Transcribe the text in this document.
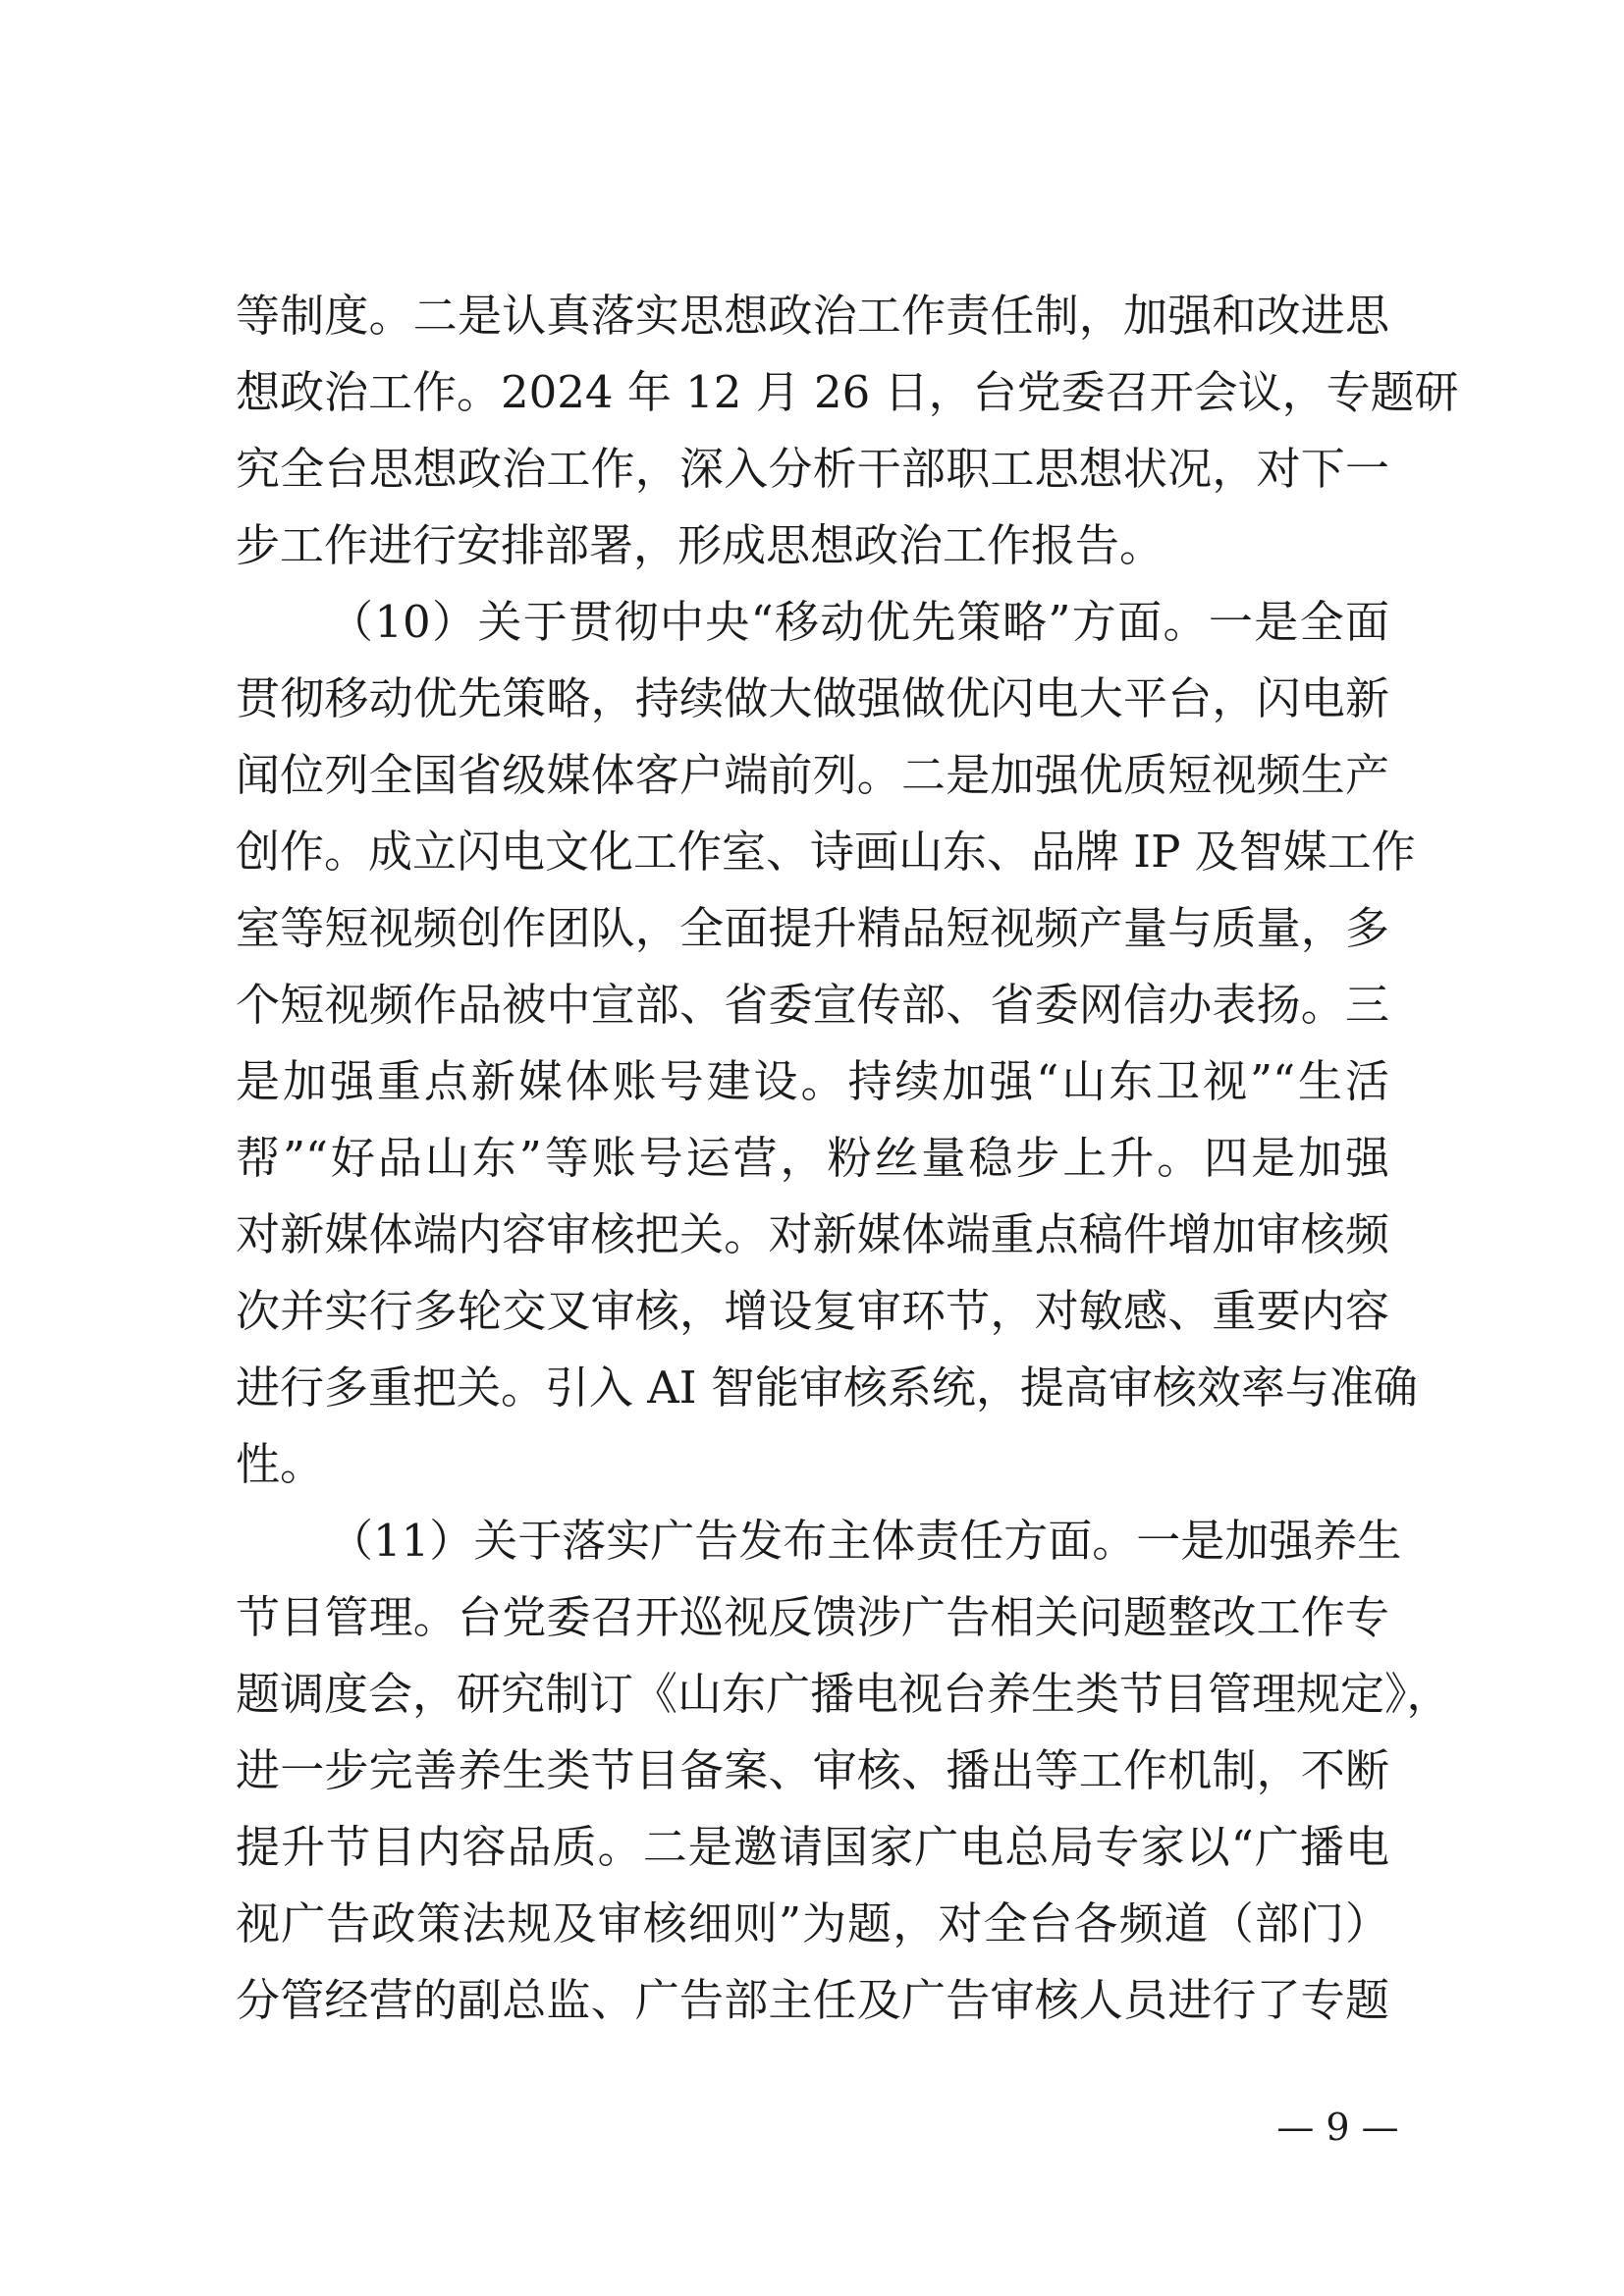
等制度。二是认真落实思想政治工作责任制，加强和改进思
想政治工作。2024 年 12 月 26 日，台党委召开会议，专题研
究全台思想政治工作，深入分析干部职工思想状况，对下一
步工作进行安排部署，形成思想政治工作报告。
（10）关于贯彻中央“移动优先策略”方面。一是全面
贯彻移动优先策略，持续做大做强做优闪电大平台，闪电新
闻位列全国省级媒体客户端前列。二是加强优质短视频生产
创作。成立闪电文化工作室、诗画山东、品牌 IP 及智媒工作
室等短视频创作团队，全面提升精品短视频产量与质量，多
个短视频作品被中宣部、省委宣传部、省委网信办表扬。三
是加强重点新媒体账号建设。持续加强“山东卫视”“生活
帮”“好品山东”等账号运营，粉丝量稳步上升。四是加强
对新媒体端内容审核把关。对新媒体端重点稿件增加审核频
次并实行多轮交叉审核，增设复审环节，对敏感、重要内容
进行多重把关。引入 AI 智能审核系统，提高审核效率与准确
性。
（11）关于落实广告发布主体责任方面。一是加强养生
节目管理。台党委召开巡视反馈涉广告相关问题整改工作专
题调度会，研究制订《山东广播电视台养生类节目管理规定》，
进一步完善养生类节目备案、审核、播出等工作机制，不断
提升节目内容品质。二是邀请国家广电总局专家以“广播电
视广告政策法规及审核细则”为题，对全台各频道（部门）
分管经营的副总监、广告部主任及广告审核人员进行了专题
— 9 —
